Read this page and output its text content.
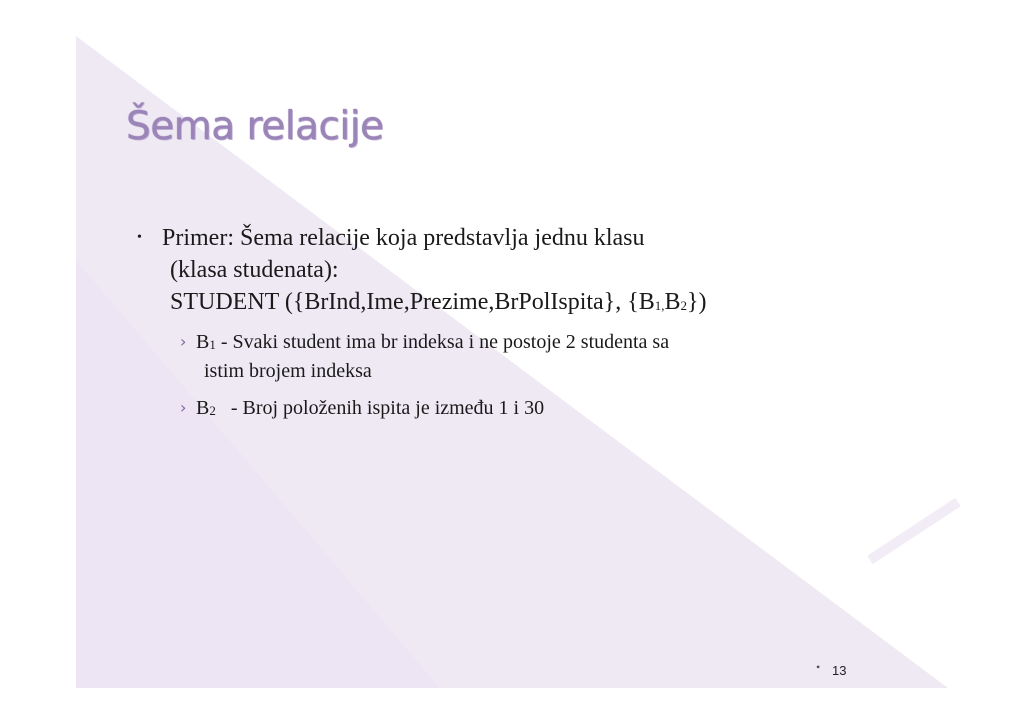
Šema relacije
• Primer: Šema relacije koja predstavlja jednu klasu
(klasa studenata):
STUDENT ({BrInd,Ime,Prezime,BrPolIspita}, $\{B_{1,}B_2\}$)
› $B_1$ - Svaki student ima br indeksa i ne postoje 2 studenta sa
istim brojem indeksa
› $B_2$   - Broj položenih ispita je između 1 i 30
• 13
